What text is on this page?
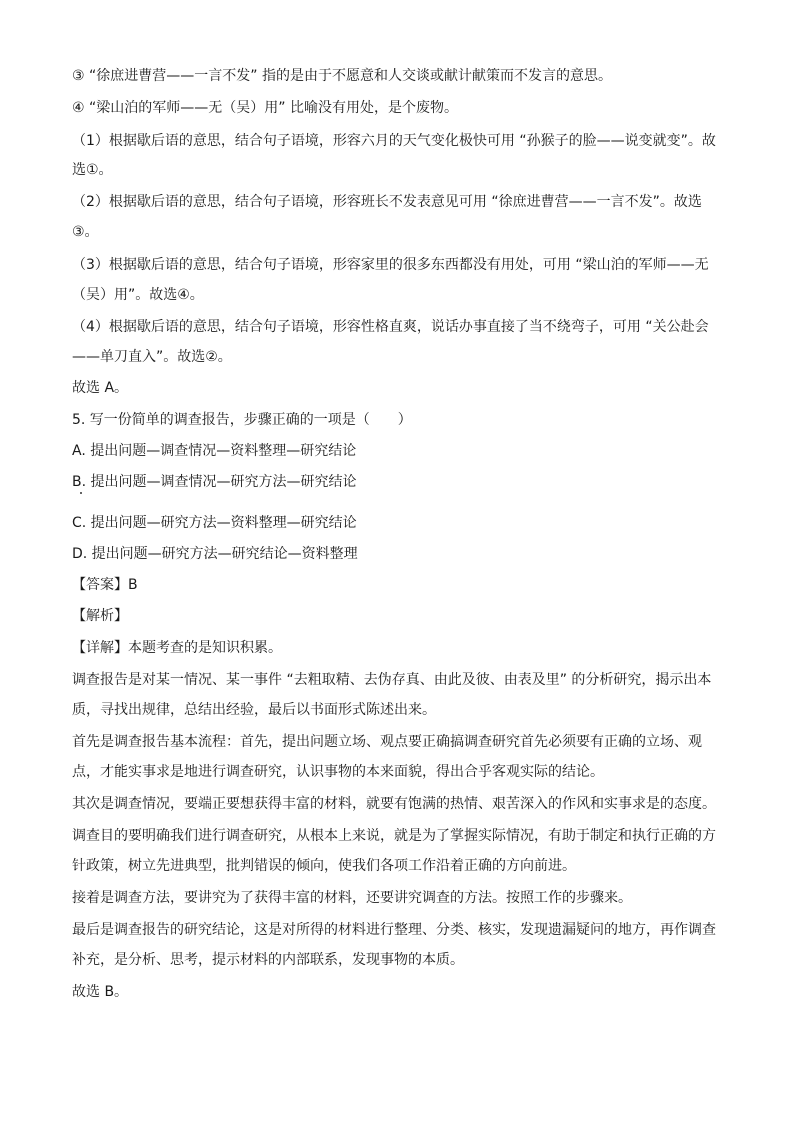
③ “徐庶进曹营——一言不发” 指的是由于不愿意和人交谈或献计献策而不发言的意思。
④ “梁山泊的军师——无（吴）用” 比喻没有用处，是个废物。
（1）根据歇后语的意思，结合句子语境，形容六月的天气变化极快可用 “孙猴子的脸——说变就变”。故
选①。
（2）根据歇后语的意思，结合句子语境，形容班长不发表意见可用 “徐庶进曹营——一言不发”。故选
③。
（3）根据歇后语的意思，结合句子语境，形容家里的很多东西都没有用处，可用 “梁山泊的军师——无
（吴）用”。故选④。
（4）根据歇后语的意思，结合句子语境，形容性格直爽，说话办事直接了当不绕弯子，可用 “关公赴会
——单刀直入”。故选②。
故选 A。
5. 写一份简单的调查报告，步骤正确的一项是（　　）
A. 提出问题—调查情况—资料整理—研究结论
B. 提出问题—调查情况—研究方法—研究结论
C. 提出问题—研究方法—资料整理—研究结论
D. 提出问题—研究方法—研究结论—资料整理
【答案】B
【解析】
【详解】本题考查的是知识积累。
调查报告是对某一情况、某一事件 “去粗取精、去伪存真、由此及彼、由表及里” 的分析研究，揭示出本
质，寻找出规律，总结出经验，最后以书面形式陈述出来。
首先是调查报告基本流程：首先，提出问题立场、观点要正确搞调查研究首先必须要有正确的立场、观
点，才能实事求是地进行调查研究，认识事物的本来面貌，得出合乎客观实际的结论。
其次是调查情况，要端正要想获得丰富的材料，就要有饱满的热情、艰苦深入的作风和实事求是的态度。
调查目的要明确我们进行调查研究，从根本上来说，就是为了掌握实际情况，有助于制定和执行正确的方
针政策，树立先进典型，批判错误的倾向，使我们各项工作沿着正确的方向前进。
接着是调查方法，要讲究为了获得丰富的材料，还要讲究调查的方法。按照工作的步骤来。
最后是调查报告的研究结论，这是对所得的材料进行整理、分类、核实，发现遗漏疑问的地方，再作调查
补充，是分析、思考，提示材料的内部联系，发现事物的本质。
故选 B。
